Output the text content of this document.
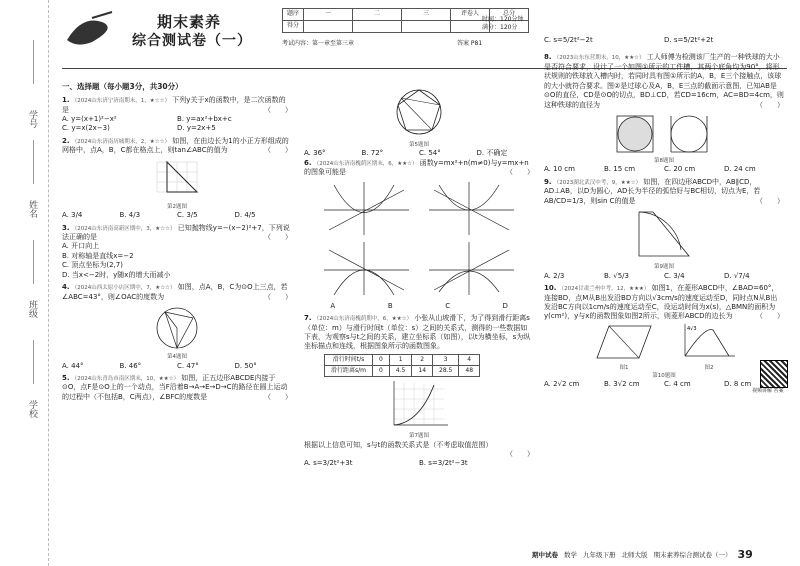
学号
姓名
班级
学校
期末素养
综合测试卷（一）
题序	一	二	三	评卷人	总分
得分					
时间：120分钟
满分：120分
考试内容：第一章至第三章	答案 P81
一、选择题（每小题3分，共30分）
1. （2024山东济宁济南期末，1，★☆☆） 下列y关于x的函数中，是二次函数的是	（　　）
A. y=(x+1)²−x²	B. y=ax²+bx+c
C. y=x(2x−3)	D. y=2x+5
2. （2024山东济南历城期末，2，★☆☆） 如图，在由边长为1的小正方形组成的网格中，点A，B，C都在格点上，则tan∠ABC的值为	（　　）
第2题图
A. 3/4	B. 4/3	C. 3/5	D. 4/5
3. （2024山东济南高新区期中，3，★☆☆） 已知抛物线y=−(x−2)²+7，下列说法正确的是	（　　）
A. 开口向上
B. 对称轴是直线x=−2
C. 顶点坐标为(2,7)
D. 当x<−2时，y随x的增大而减小
4. （2024山西太原小店区期中，7，★☆☆） 如图，点A，B，C为⊙O上三点，若∠ABC=43°，则∠OAC的度数为	（　　）
第4题图
A. 44°	B. 46°	C. 47°	D. 50°
5. （2024山东青岛市南区期末，10，★★☆） 如图，正五边形ABCDE内接于⊙O，点F是⊙O上的一个动点，当F沿着B→A→E→D→C的路径在圆上运动的过程中（不包括B，C两点），∠BFC的度数是	（　　）
第5题图
A. 36°	B. 72°	C. 54°	D. 不确定
6. （2024山东济南槐荫区期末，6，★★☆） 函数y=mx²+n(m≠0)与y=mx+n的图象可能是	（　　）
A	B	C	D
7. （2024山东济南槐荫期中，6，★★☆） 小张从山坡滑下，为了得到滑行距离s（单位：m）与滑行时间t（单位：s）之间的关系式，测得的一些数据如下表，为观察s与t之间的关系，建立坐标系（如图），以t为横坐标，s为纵坐标描点和连线，根据图象所示的函数图象。
滑行时间t/s	0	1	2	3	4
滑行距离s/m	0	4.5	14	28.5	48
第7题图
根据以上信息可知，s与t的函数关系式是（不考虑取值范围）
（　　）
A. s=3/2t²+3t	B. s=3/2t²−3t
C. s=5/2t²−2t	D. s=5/2t²+2t
8. （2023山东东营期末，10，★★☆） 工人师傅为检测该厂生产的一种铁球的大小是否符合要求，设计了一个如图①所示的工件槽，其两个底角均为90°，将形状规则的铁球放入槽内时，若同时具有图①所示的A，B，E三个接触点，该球的大小就符合要求。图②是过球心及A，B，E三点的截面示意图，已知AB是⊙O的直径，CD是⊙O的切点，BD⊥CD，若CD=16cm，AC=BD=4cm，则这种铁球的直径为	（　　）
第8题图
A. 10 cm	B. 15 cm	C. 20 cm	D. 24 cm
9. （2023湖北武汉中考，9，★★☆） 如图，在四边形ABCD中，AB∥CD，AD⊥AB，以D为圆心，AD长为半径的弧恰好与BC相切，切点为E，若AB/CD=1/3，则sin C的值是	（　　）
第9题图
A. 2/3	B. √5/3	C. 3/4	D. √7/4
10. （2024甘肃兰州中考，12，★★★） 如图1，在菱形ABCD中，∠BAD=60°，连接BD，点M从B出发沿BD方向以√3cm/s的速度运动至D，同时点N从B出发沿BC方向以1cm/s的速度运动至C，设运动时间为x(s)，△BMN的面积为y(cm²)，y与x的函数图象如图2所示，则菱形ABCD的边长为	（　　）
图1
4√3
图2
第10题图
A. 2√2 cm	B. 3√2 cm	C. 4 cm	D. 8 cm
视频讲解 答案
期中试卷 数学 九年级下册 北师大版 期末素养综合测试卷（一） 39
